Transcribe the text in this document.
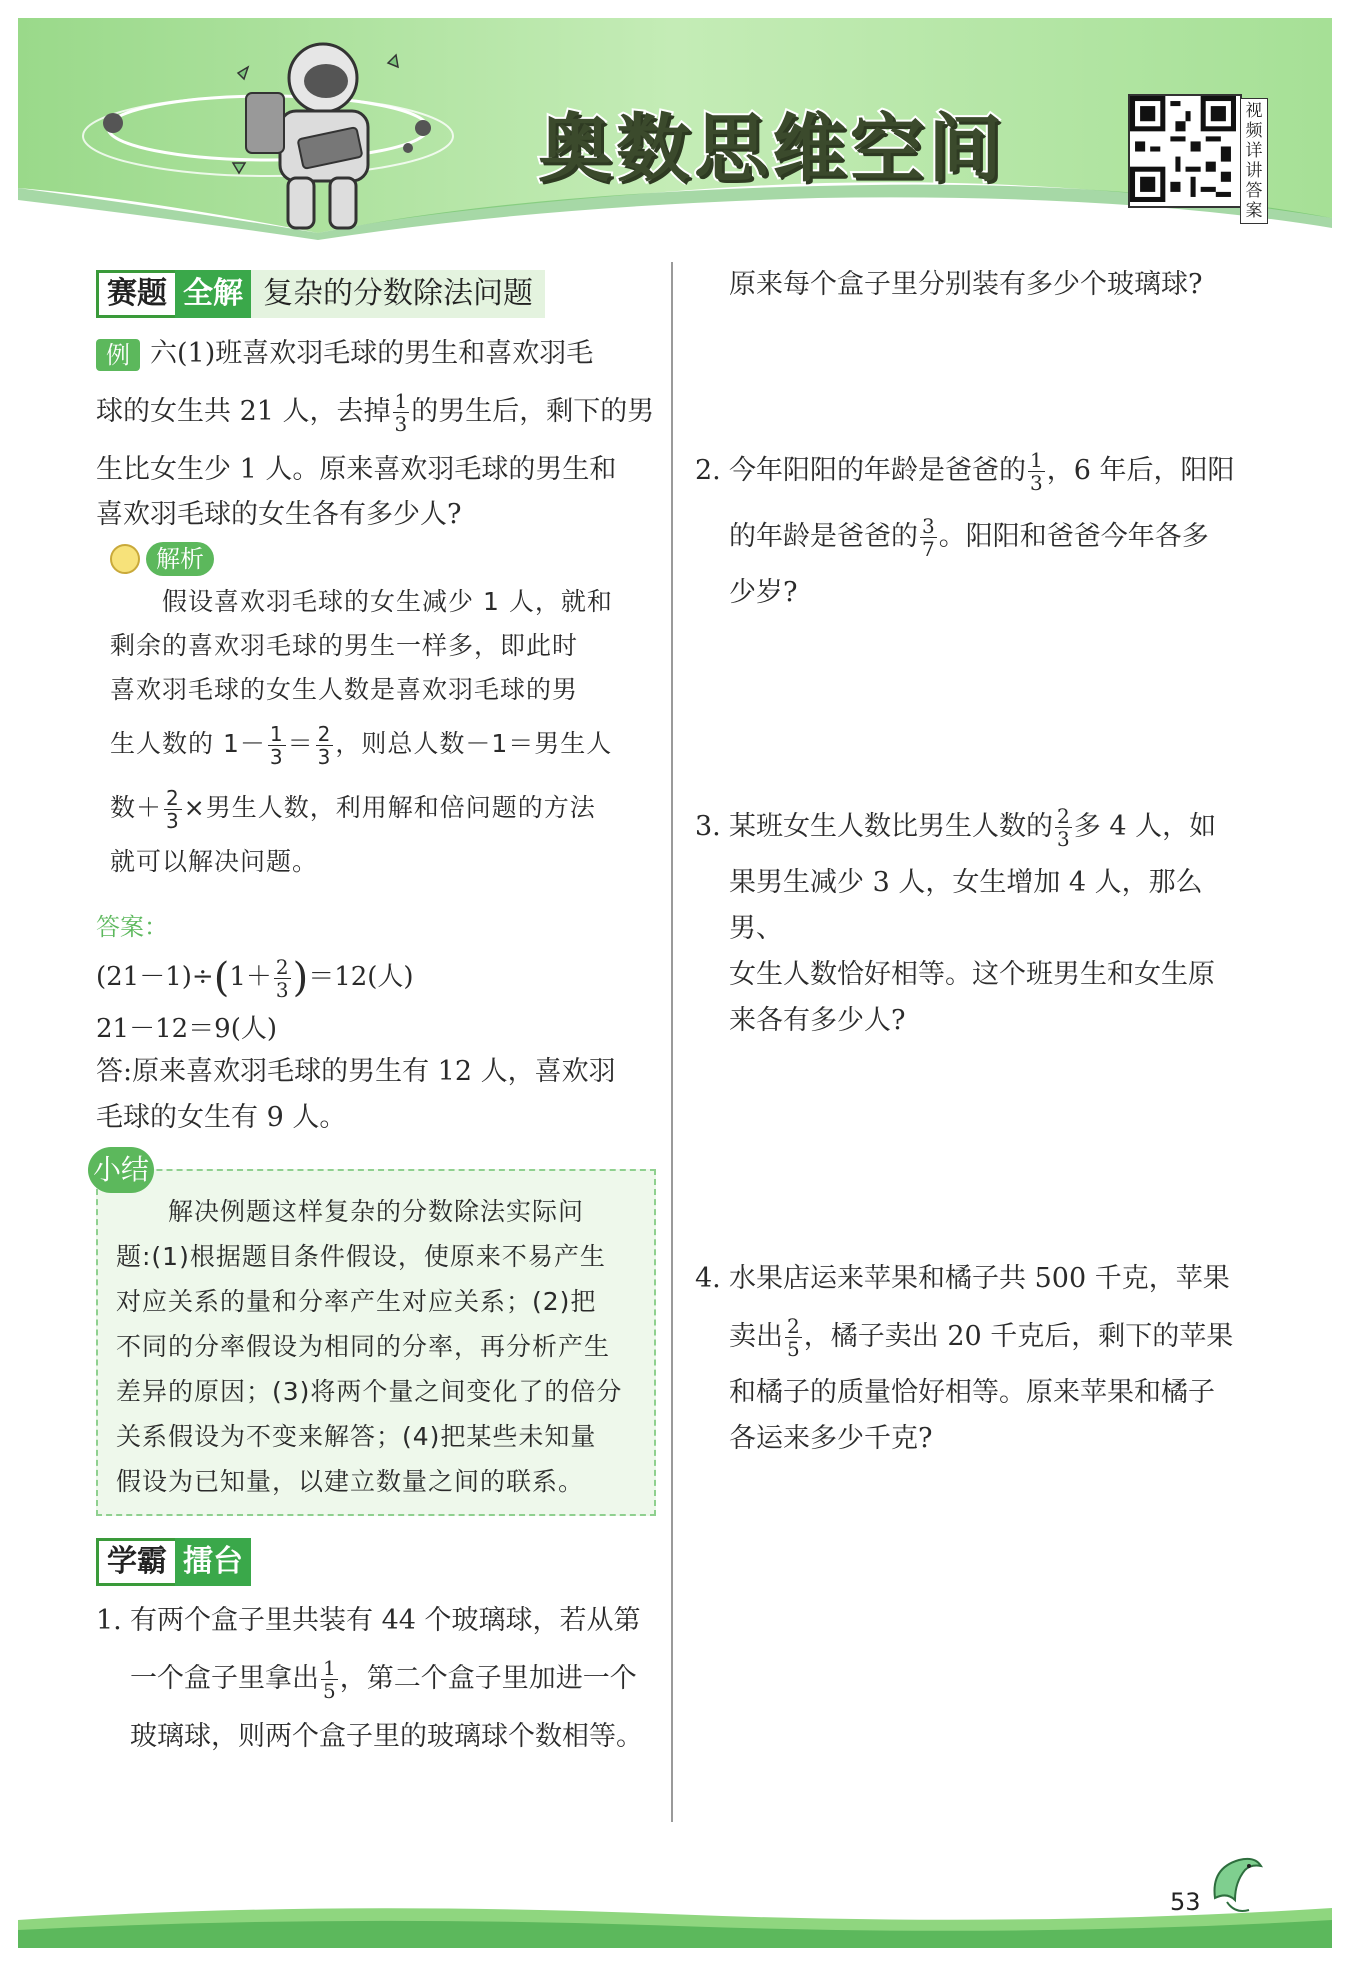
奥数思维空间	视频详讲答案
赛题 全解 复杂的分数除法问题

例 六(1)班喜欢羽毛球的男生和喜欢羽毛

球的女生共 21 人，去掉 $\frac{1}{3}$ 的男生后，剩下的男

生比女生少 1 人。原来喜欢羽毛球的男生和

喜欢羽毛球的女生各有多少人?

解析

　　假设喜欢羽毛球的女生减少 1 人，就和

剩余的喜欢羽毛球的男生一样多，即此时

喜欢羽毛球的女生人数是喜欢羽毛球的男

生人数的 $1- \frac{1}{3} = \frac{2}{3}$ ，则总人数－1＝男生人

数＋ $\frac{2}{3}$ ×男生人数，利用解和倍问题的方法

就可以解决问题。

答案：
$(21-1)\div(1+ \frac{2}{3} )=12$(人)
21－12＝9(人)

答:原来喜欢羽毛球的男生有 12 人，喜欢羽

毛球的女生有 9 人。

小结

　　解决例题这样复杂的分数除法实际问

题:(1)根据题目条件假设，使原来不易产生

对应关系的量和分率产生对应关系；(2)把

不同的分率假设为相同的分率，再分析产生

差异的原因；(3)将两个量之间变化了的倍分

关系假设为不变来解答；(4)把某些未知量

假设为已知量，以建立数量之间的联系。

学霸 擂台

1. 有两个盒子里共装有 44 个玻璃球，若从第

一个盒子里拿出 $\frac{1}{5}$ ，第二个盒子里加进一个

玻璃球，则两个盒子里的玻璃球个数相等。

原来每个盒子里分别装有多少个玻璃球?

2. 今年阳阳的年龄是爸爸的 $\frac{1}{3}$ ，6 年后，阳阳

的年龄是爸爸的 $\frac{3}{7}$ 。阳阳和爸爸今年各多

少岁?

3. 某班女生人数比男生人数的 $\frac{2}{3}$ 多 4 人，如

果男生减少 3 人，女生增加 4 人，那么男、

女生人数恰好相等。这个班男生和女生原

来各有多少人?

4. 水果店运来苹果和橘子共 500 千克，苹果

卖出 $\frac{2}{5}$ ，橘子卖出 20 千克后，剩下的苹果

和橘子的质量恰好相等。原来苹果和橘子

各运来多少千克?

53
